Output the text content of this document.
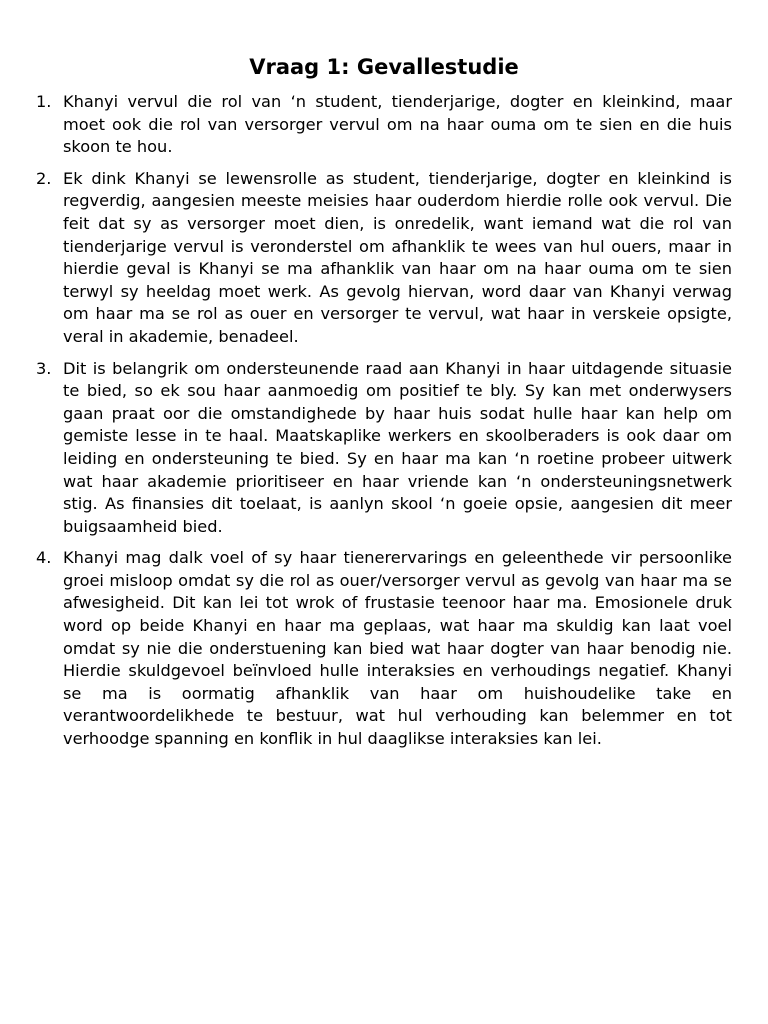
Vraag 1: Gevallestudie
1. Khanyi vervul die rol van ‘n student, tienderjarige, dogter en kleinkind, maar moet ook die rol van versorger vervul om na haar ouma om te sien en die huis skoon te hou.
2. Ek dink Khanyi se lewensrolle as student, tienderjarige, dogter en kleinkind is regverdig, aangesien meeste meisies haar ouderdom hierdie rolle ook vervul. Die feit dat sy as versorger moet dien, is onredelik, want iemand wat die rol van tienderjarige vervul is veronderstel om afhanklik te wees van hul ouers, maar in hierdie geval is Khanyi se ma afhanklik van haar om na haar ouma om te sien terwyl sy heeldag moet werk. As gevolg hiervan, word daar van Khanyi verwag om haar ma se rol as ouer en versorger te vervul, wat haar in verskeie opsigte, veral in akademie, benadeel.
3. Dit is belangrik om ondersteunende raad aan Khanyi in haar uitdagende situasie te bied, so ek sou haar aanmoedig om positief te bly. Sy kan met onderwysers gaan praat oor die omstandighede by haar huis sodat hulle haar kan help om gemiste lesse in te haal. Maatskaplike werkers en skoolberaders is ook daar om leiding en ondersteuning te bied. Sy en haar ma kan ‘n roetine probeer uitwerk wat haar akademie prioritiseer en haar vriende kan ‘n ondersteuningsnetwerk stig. As finansies dit toelaat, is aanlyn skool ‘n goeie opsie, aangesien dit meer buigsaamheid bied.
4. Khanyi mag dalk voel of sy haar tienerervarings en geleenthede vir persoonlike groei misloop omdat sy die rol as ouer/versorger vervul as gevolg van haar ma se afwesigheid. Dit kan lei tot wrok of frustasie teenoor haar ma. Emosionele druk word op beide Khanyi en haar ma geplaas, wat haar ma skuldig kan laat voel omdat sy nie die onderstuening kan bied wat haar dogter van haar benodig nie. Hierdie skuldgevoel beïnvloed hulle interaksies en verhoudings negatief. Khanyi se ma is oormatig afhanklik van haar om huishoudelike take en verantwoordelikhede te bestuur, wat hul verhouding kan belemmer en tot verhoodge spanning en konflik in hul daaglikse interaksies kan lei.
